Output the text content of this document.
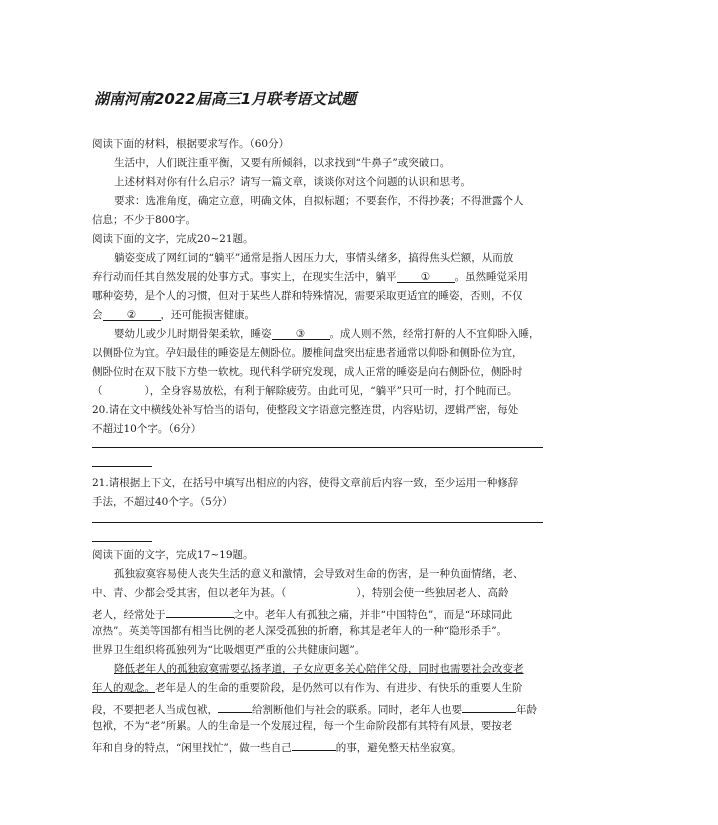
湖南河南2022届高三1月联考语文试题
阅读下面的材料，根据要求写作。（60分）
生活中，人们既注重平衡，又要有所倾斜，以求找到“牛鼻子”或突破口。
上述材料对你有什么启示？请写一篇文章，谈谈你对这个问题的认识和思考。
要求：选准角度，确定立意，明确文体，自拟标题；不要套作，不得抄袭；不得泄露个人
信息；不少于800字。
阅读下面的文字，完成20~21题。
躺姿变成了网红词的“躺平”通常是指人因压力大，事情头绪多，搞得焦头烂额，从而放
弃行动而任其自然发展的处事方式。事实上，在现实生活中，躺平 ① 。虽然睡觉采用
哪种姿势，是个人的习惯，但对于某些人群和特殊情况，需要采取更适宜的睡姿，否则，不仅
会 ② ，还可能损害健康。
婴幼儿或少儿时期骨架柔软，睡姿 ③ 。成人则不然，经常打鼾的人不宜仰卧入睡，
以侧卧位为宜。孕妇最佳的睡姿是左侧卧位。腰椎间盘突出症患者通常以仰卧和侧卧位为宜，
侧卧位时在双下肢下方垫一软枕。现代科学研究发现，成人正常的睡姿是向右侧卧位，侧卧时
（	），全身容易放松，有利于解除疲劳。由此可见，“躺平”只可一时，打个盹而已。
20.请在文中横线处补写恰当的语句，使整段文字语意完整连贯，内容贴切，逻辑严密，每处
不超过10个字。（6分）
21.请根据上下文，在括号中填写出相应的内容，使得文章前后内容一致，至少运用一种修辞
手法，不超过40个字。（5分）
阅读下面的文字，完成17~19题。
孤独寂寞容易使人丧失生活的意义和激情，会导致对生命的伤害，是一种负面情绪，老、
中、青、少都会受其害，但以老年为甚。（	），特别会使一些独居老人、高龄
老人，经常处于	之中。老年人有孤独之痛，并非“中国特色”，而是“环球同此
凉热”。英美等国都有相当比例的老人深受孤独的折磨，称其是老年人的一种“隐形杀手”。
世界卫生组织将孤独列为“比吸烟更严重的公共健康问题”。
降低老年人的孤独寂寞需要弘扬孝道，子女应更多关心陪伴父母，同时也需要社会改变老
年人的观念。老年是人的生命的重要阶段，是仍然可以有作为、有进步、有快乐的重要人生阶
段，不要把老人当成包袱，	给割断他们与社会的联系。同时，老年人也要	年龄
包袱，不为“老”所累。人的生命是一个发展过程，每一个生命阶段都有其特有风景，要按老
年和自身的特点，“闲里找忙”，做一些自己	的事，避免整天枯坐寂寞。
